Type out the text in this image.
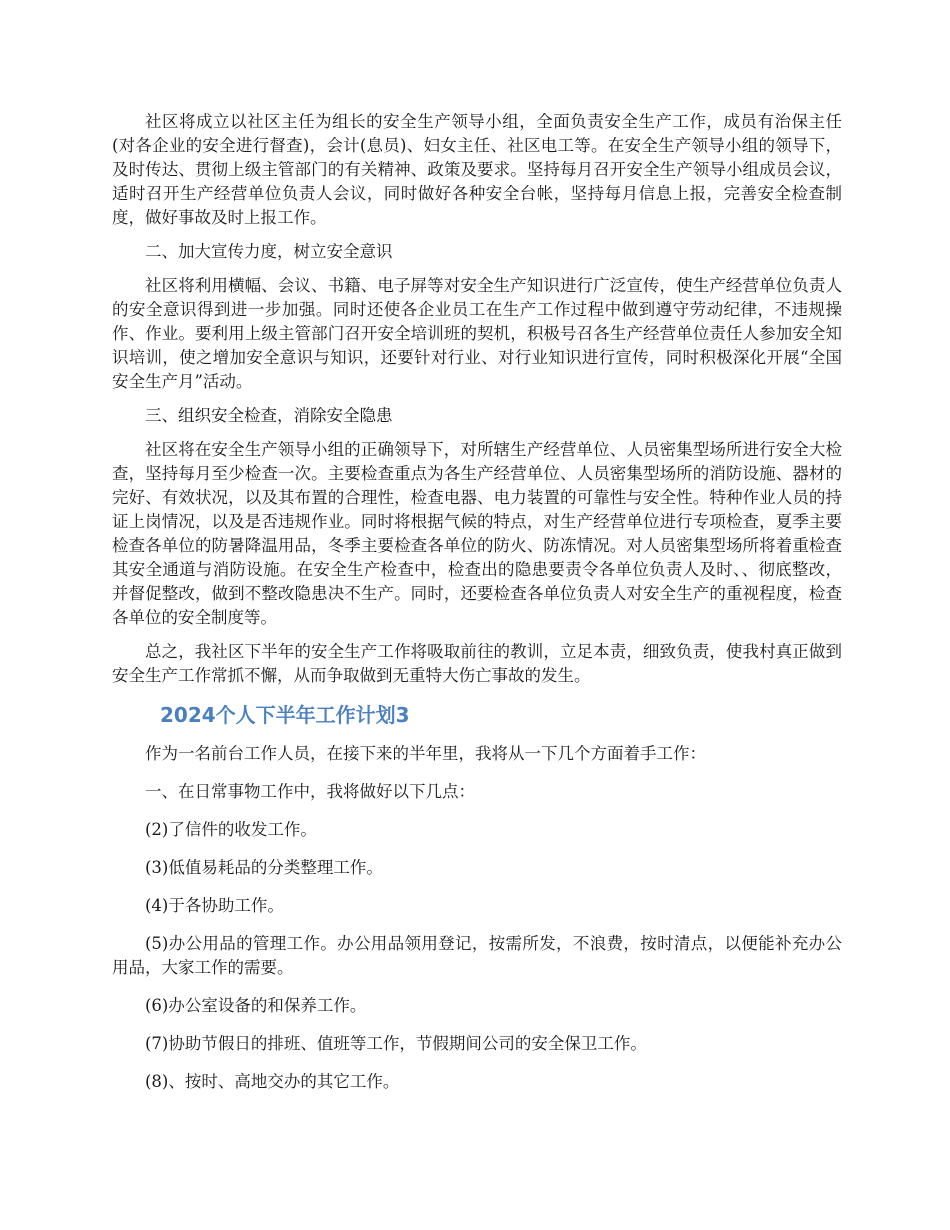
社区将成立以社区主任为组长的安全生产领导小组，全面负责安全生产工作，成员有治保主任(对各企业的安全进行督查)，会计(息员)、妇女主任、社区电工等。在安全生产领导小组的领导下，及时传达、贯彻上级主管部门的有关精神、政策及要求。坚持每月召开安全生产领导小组成员会议，适时召开生产经营单位负责人会议，同时做好各种安全台帐，坚持每月信息上报，完善安全检查制度，做好事故及时上报工作。

二、加大宣传力度，树立安全意识

社区将利用横幅、会议、书籍、电子屏等对安全生产知识进行广泛宣传，使生产经营单位负责人的安全意识得到进一步加强。同时还使各企业员工在生产工作过程中做到遵守劳动纪律，不违规操作、作业。要利用上级主管部门召开安全培训班的契机，积极号召各生产经营单位责任人参加安全知识培训，使之增加安全意识与知识，还要针对行业、对行业知识进行宣传，同时积极深化开展“全国安全生产月”活动。

三、组织安全检查，消除安全隐患

社区将在安全生产领导小组的正确领导下，对所辖生产经营单位、人员密集型场所进行安全大检查，坚持每月至少检查一次。主要检查重点为各生产经营单位、人员密集型场所的消防设施、器材的完好、有效状况，以及其布置的合理性，检查电器、电力装置的可靠性与安全性。特种作业人员的持证上岗情况，以及是否违规作业。同时将根据气候的特点，对生产经营单位进行专项检查，夏季主要检查各单位的防暑降温用品，冬季主要检查各单位的防火、防冻情况。对人员密集型场所将着重检查其安全通道与消防设施。在安全生产检查中，检查出的隐患要责令各单位负责人及时、、彻底整改，并督促整改，做到不整改隐患决不生产。同时，还要检查各单位负责人对安全生产的重视程度，检查各单位的安全制度等。

总之，我社区下半年的安全生产工作将吸取前往的教训，立足本责，细致负责，使我村真正做到安全生产工作常抓不懈，从而争取做到无重特大伤亡事故的发生。

2024个人下半年工作计划3

作为一名前台工作人员，在接下来的半年里，我将从一下几个方面着手工作：

一、在日常事物工作中，我将做好以下几点：

(2)了信件的收发工作。

(3)低值易耗品的分类整理工作。

(4)于各协助工作。

(5)办公用品的管理工作。办公用品领用登记，按需所发，不浪费，按时清点，以便能补充办公用品，大家工作的需要。

(6)办公室设备的和保养工作。

(7)协助节假日的排班、值班等工作，节假期间公司的安全保卫工作。

(8)、按时、高地交办的其它工作。
